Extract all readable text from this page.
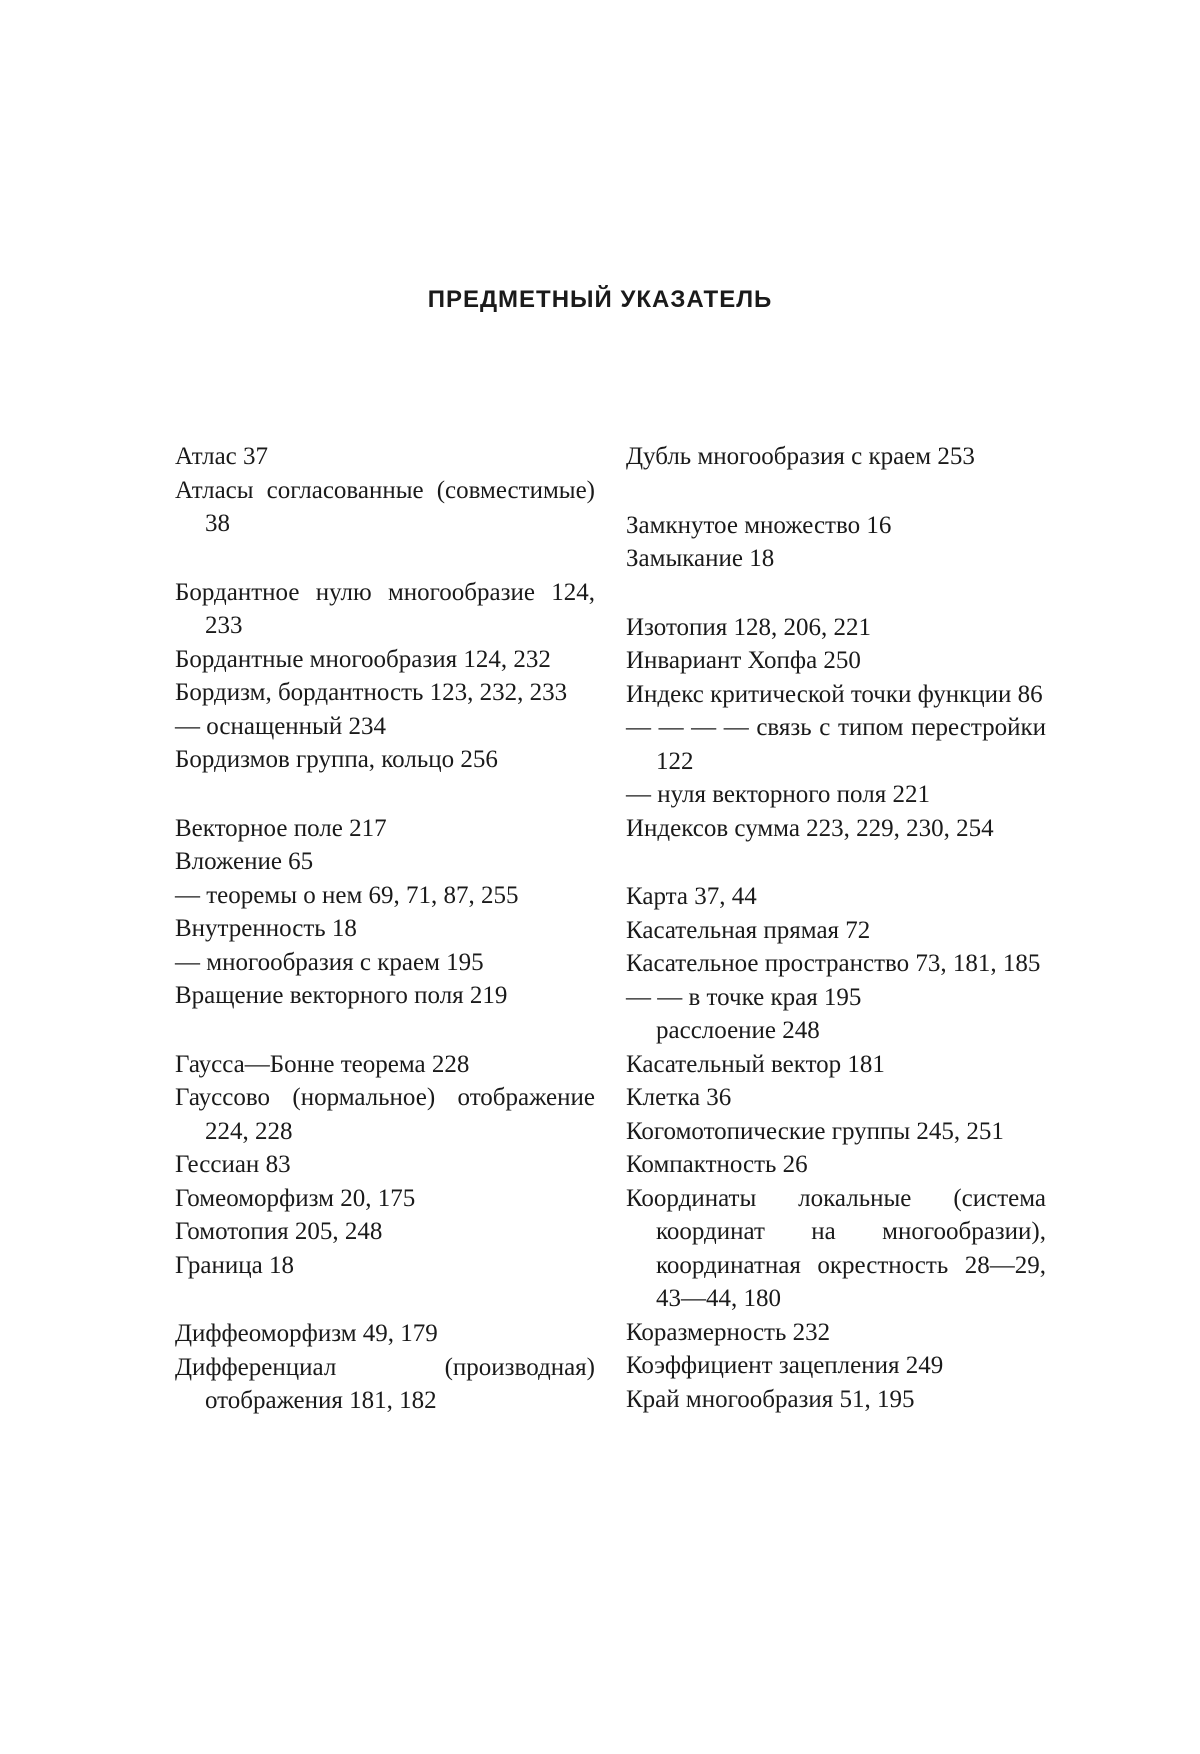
ПРЕДМЕТНЫЙ УКАЗАТЕЛЬ
Атлас 37
Атласы согласованные (совместимые) 38
Бордантное нулю многообразие 124, 233
Бордантные многообразия 124, 232
Бордизм, бордантность 123, 232, 233
— оснащенный 234
Бордизмов группа, кольцо 256
Векторное поле 217
Вложение 65
— теоремы о нем 69, 71, 87, 255
Внутренность 18
— многообразия с краем 195
Вращение векторного поля 219
Гаусса—Бонне теорема 228
Гауссово (нормальное) отображение 224, 228
Гессиан 83
Гомеоморфизм 20, 175
Гомотопия 205, 248
Граница 18
Диффеоморфизм 49, 179
Дифференциал (производная) отображения 181, 182
Дубль многообразия с краем 253
Замкнутое множество 16
Замыкание 18
Изотопия 128, 206, 221
Инвариант Хопфа 250
Индекс критической точки функции 86
— — — — связь с типом перестройки 122
— нуля векторного поля 221
Индексов сумма 223, 229, 230, 254
Карта 37, 44
Касательная прямая 72
Касательное пространство 73, 181, 185
— — в точке края 195
расслоение 248
Касательный вектор 181
Клетка 36
Когомотопические группы 245, 251
Компактность 26
Координаты локальные (система координат на многообразии), координатная окрестность 28—29, 43—44, 180
Коразмерность 232
Коэффициент зацепления 249
Край многообразия 51, 195
